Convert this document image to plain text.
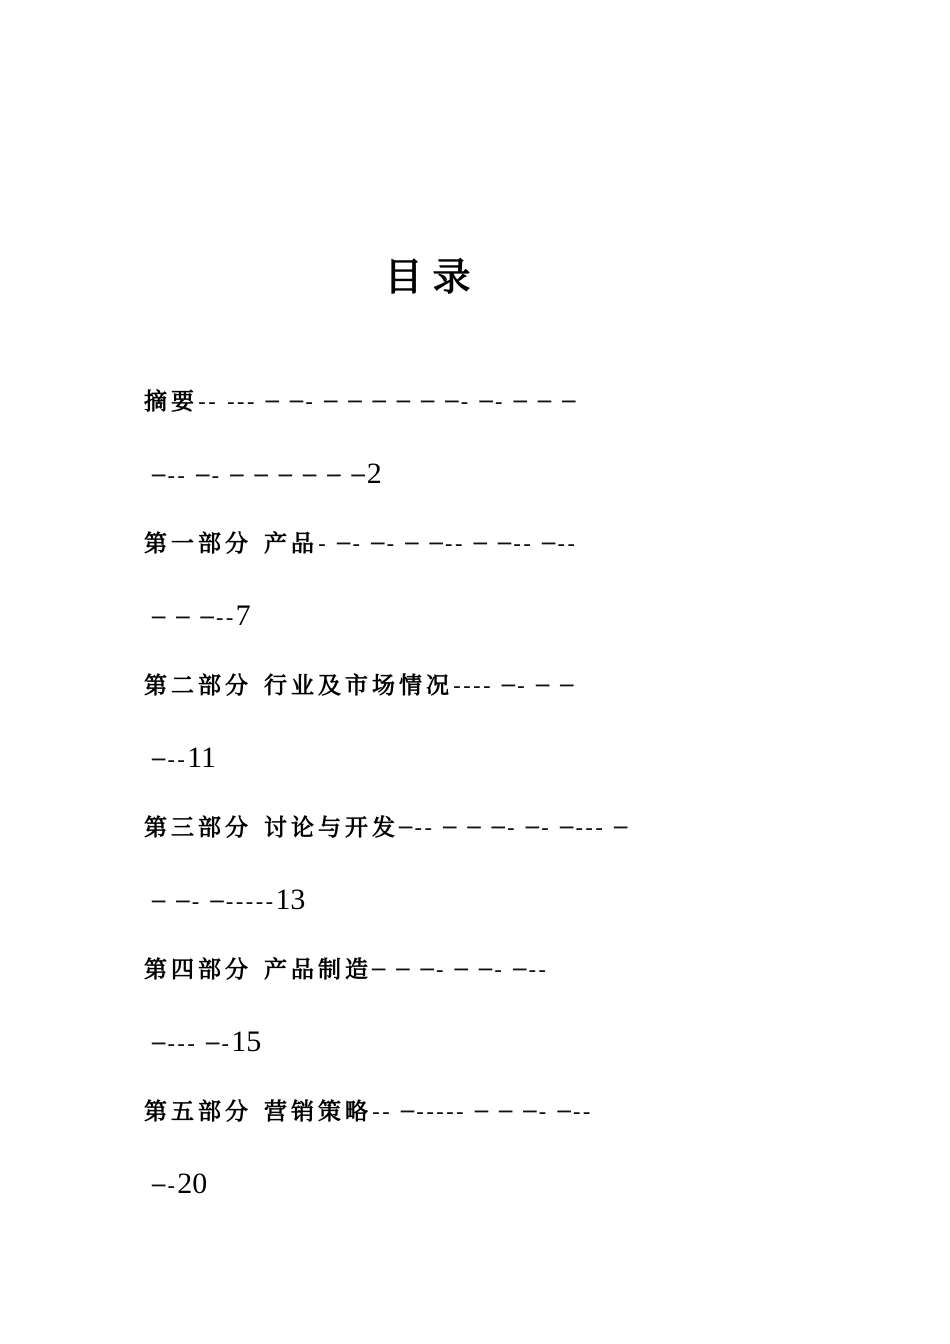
目录
摘要-- --- ─ ─- ─ ─ ─ ─ ─ ─- ─- ─ ─ ─
─-- ─- ─ ─ ─ ─ ─ ─2
第一部分 产品- ─- ─- ─ ─-- ─ ─-- ─--
─ ─ ─--7
第二部分 行业及市场情况---- ─- ─ ─
─--11
第三部分 讨论与开发─-- ─ ─ ─- ─- ─--- ─
─ ─- ─-----13
第四部分 产品制造─ ─ ─- ─ ─- ─--
─--- ─-15
第五部分 营销策略-- ─----- ─ ─ ─- ─--
─-20
